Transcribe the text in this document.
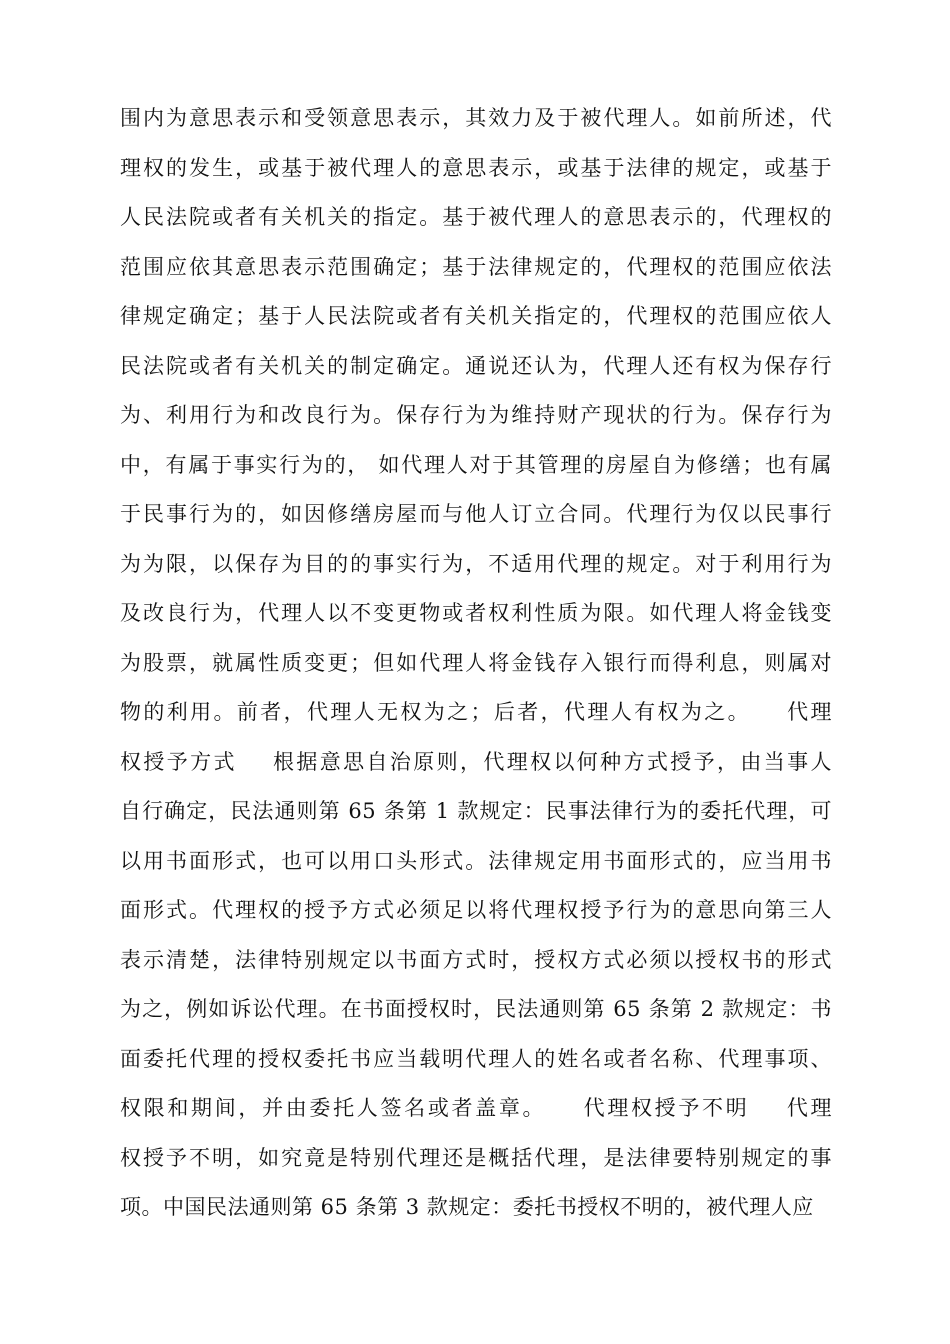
围内为意思表示和受领意思表示，其效力及于被代理人。如前所述，代
理权的发生，或基于被代理人的意思表示，或基于法律的规定，或基于
人民法院或者有关机关的指定。基于被代理人的意思表示的，代理权的
范围应依其意思表示范围确定；基于法律规定的，代理权的范围应依法
律规定确定；基于人民法院或者有关机关指定的，代理权的范围应依人
民法院或者有关机关的制定确定。通说还认为，代理人还有权为保存行
为、利用行为和改良行为。保存行为为维持财产现状的行为。保存行为
中，有属于事实行为的， 如代理人对于其管理的房屋自为修缮；也有属
于民事行为的，如因修缮房屋而与他人订立合同。代理行为仅以民事行
为为限，以保存为目的的事实行为，不适用代理的规定。对于利用行为
及改良行为，代理人以不变更物或者权利性质为限。如代理人将金钱变
为股票，就属性质变更；但如代理人将金钱存入银行而得利息，则属对
物的利用。前者，代理人无权为之；后者，代理人有权为之。    代理
权授予方式    根据意思自治原则，代理权以何种方式授予，由当事人
自行确定，民法通则第 65 条第 1 款规定：民事法律行为的委托代理，可
以用书面形式，也可以用口头形式。法律规定用书面形式的，应当用书
面形式。代理权的授予方式必须足以将代理权授予行为的意思向第三人
表示清楚，法律特别规定以书面方式时，授权方式必须以授权书的形式
为之，例如诉讼代理。在书面授权时，民法通则第 65 条第 2 款规定：书
面委托代理的授权委托书应当载明代理人的姓名或者名称、代理事项、
权限和期间，并由委托人签名或者盖章。    代理权授予不明    代理
权授予不明，如究竟是特别代理还是概括代理，是法律要特别规定的事
项。中国民法通则第 65 条第 3 款规定：委托书授权不明的，被代理人应
